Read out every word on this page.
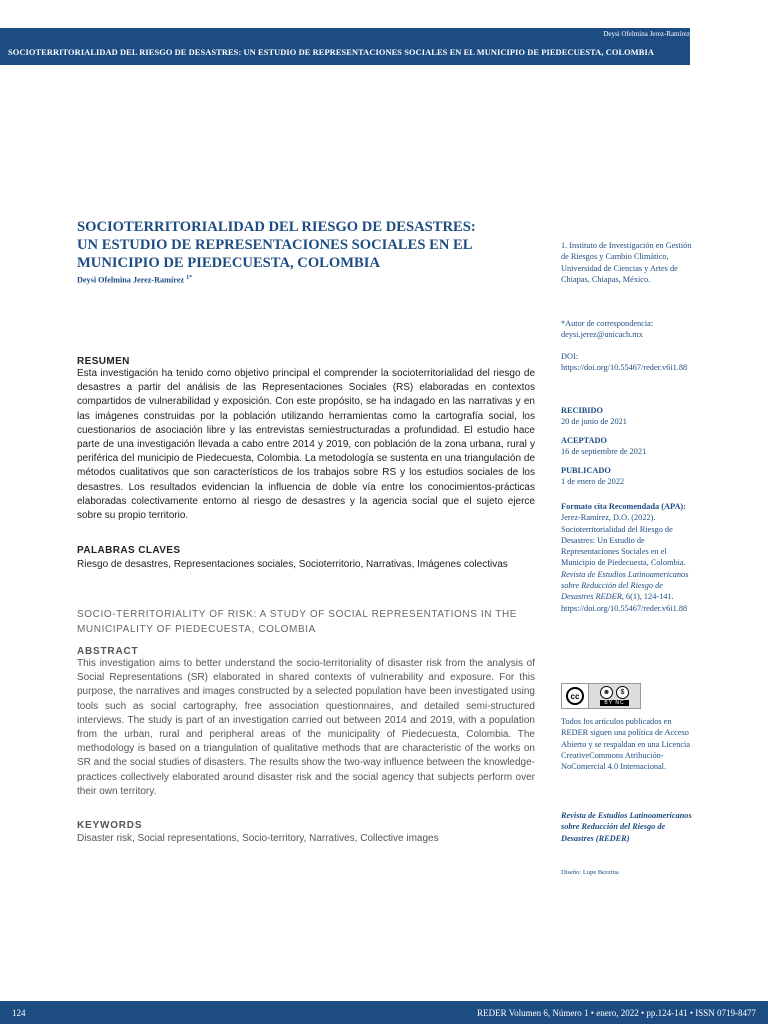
Deysi Ofelmina Jerez-Ramírez
SOCIOTERRITORIALIDAD DEL RIESGO DE DESASTRES: UN ESTUDIO DE REPRESENTACIONES SOCIALES EN EL MUNICIPIO DE PIEDECUESTA, COLOMBIA
SOCIOTERRITORIALIDAD DEL RIESGO DE DESASTRES:
UN ESTUDIO DE REPRESENTACIONES SOCIALES EN EL
MUNICIPIO DE PIEDECUESTA, COLOMBIA
Deysi Ofelmina Jerez-Ramírez $^{1*}$
RESUMEN
Esta investigación ha tenido como objetivo principal el comprender la socioterritorialidad del riesgo de desastres a partir del análisis de las Representaciones Sociales (RS) elaboradas en contextos compartidos de vulnerabilidad y exposición. Con este propósito, se ha indagado en las narrativas y en las imágenes construidas por la población utilizando herramientas como la cartografía social, los cuestionarios de asociación libre y las entrevistas semiestructuradas a profundidad. El estudio hace parte de una investigación llevada a cabo entre 2014 y 2019, con población de la zona urbana, rural y periférica del municipio de Piedecuesta, Colombia. La metodología se sustenta en una triangulación de métodos cualitativos que son característicos de los trabajos sobre RS y los estudios sociales de los desastres. Los resultados evidencian la influencia de doble vía entre los conocimientos-prácticas elaboradas colectivamente entorno al riesgo de desastres y la agencia social que el sujeto ejerce sobre su propio territorio.
PALABRAS CLAVES
Riesgo de desastres, Representaciones sociales, Socioterritorio, Narrativas, Imágenes colectivas
SOCIO-TERRITORIALITY OF RISK: A STUDY OF SOCIAL REPRESENTATIONS IN THE MUNICIPALITY OF PIEDECUESTA, COLOMBIA
ABSTRACT
This investigation aims to better understand the socio-territoriality of disaster risk from the analysis of Social Representations (SR) elaborated in shared contexts of vulnerability and exposure. For this purpose, the narratives and images constructed by a selected population have been investigated using tools such as social cartography, free association questionnaires, and detailed semi-structured interviews. The study is part of an investigation carried out between 2014 and 2019, with a population from the urban, rural and peripheral areas of the municipality of Piedecuesta, Colombia. The methodology is based on a triangulation of qualitative methods that are characteristic of the works on SR and the social studies of disasters. The results show the two-way influence between the knowledge-practices collectively elaborated around disaster risk and the social agency that subjects perform over their own territory.
KEYWORDS
Disaster risk, Social representations, Socio-territory, Narratives, Collective images
1. Instituto de Investigación en Gestión de Riesgos y Cambio Climático, Universidad de Ciencias y Artes de Chiapas, Chiapas, México.
*Autor de correspondencia: deysi.jerez@unicach.mx
DOI:
https://doi.org/10.55467/reder.v6i1.88
RECIBIDO
20 de junio de 2021
ACEPTADO
16 de septiembre de 2021
PUBLICADO
1 de enero de 2022
Formato cita Recomendada (APA):
Jerez-Ramírez, D.O. (2022). Socioterritorialidad del Riesgo de Desastres: Un Estudio de Representaciones Sociales en el Municipio de Piedecuesta, Colombia.
Revista de Estudios Latinoamericanos sobre Reducción del Riesgo de Desastres REDER, 6(1), 124-141. https://doi.org/10.55467/reder.v6i1.88
cc	☻	$
BY NC
Todos los artículos publicados en REDER siguen una política de Acceso Abierto y se respaldan en una Licencia CreativeCommons Atribución-NoComercial 4.0 Internacional.
Revista de Estudios Latinoamericanos sobre Reducción del Riesgo de Desastres (REDER)
Diseño: Lupe Bezzina
124	REDER Volumen 6, Número 1 • enero, 2022 • pp.124-141 • ISSN 0719-8477
